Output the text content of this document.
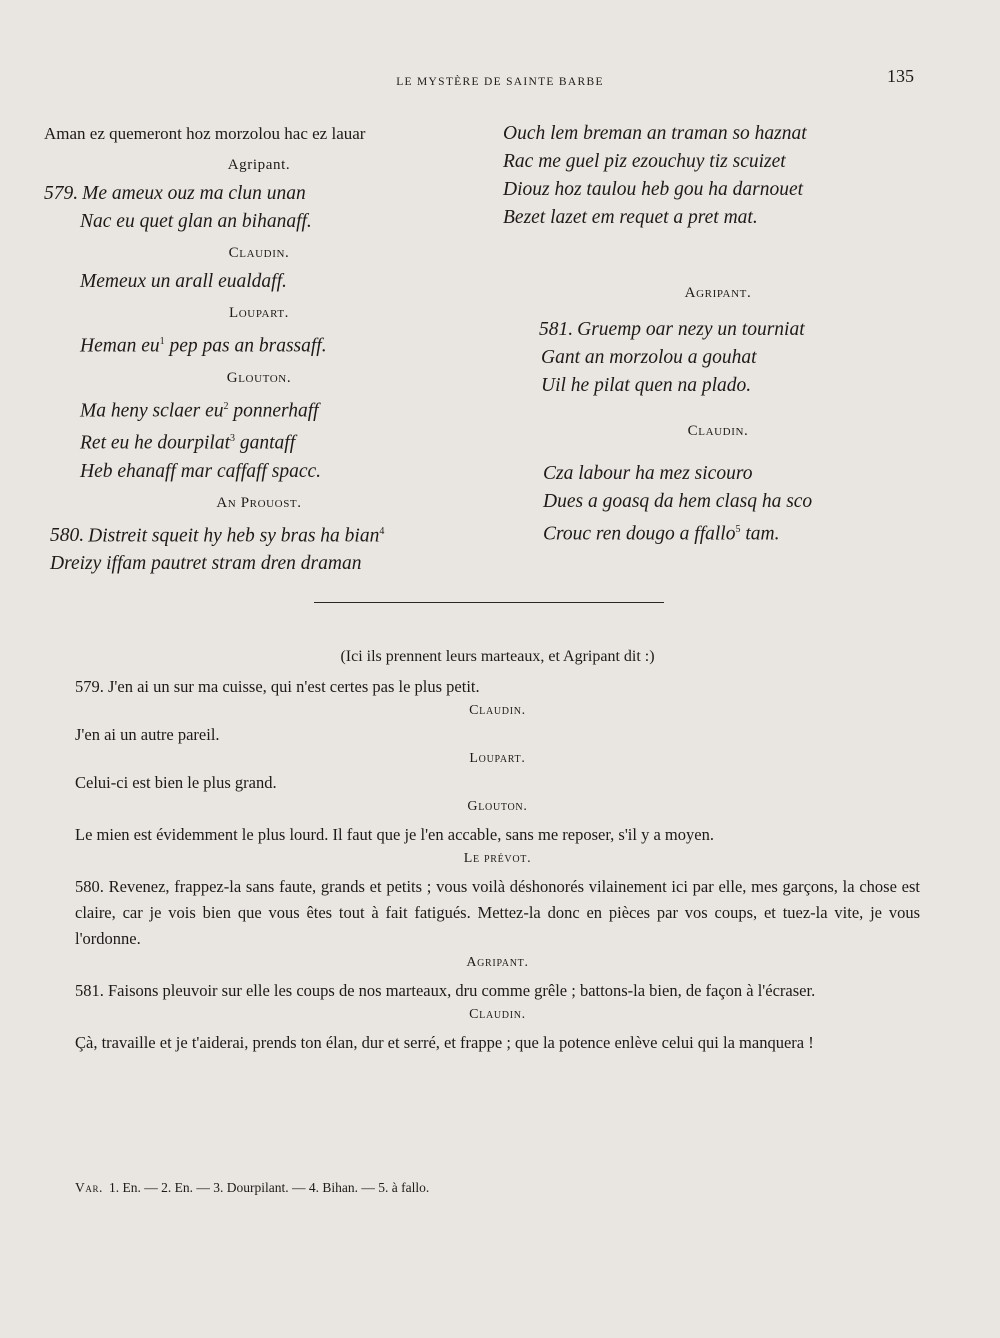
LE MYSTÈRE DE SAINTE BARBE	135
Aman ez quemeront hoz morzolou hac ez lauar
Agripant.
579. Me ameux ouz ma clun unan
Nac eu quet glan an bihanaff.
Claudin.
Memeux un arall eualdaff.
Loupart.
Heman $eu^1$ pep pas an brassaff.
Glouton.
Ma heny sclaer $eu^2$ ponnerhaff
Ret eu he dourpilat$^3$ gantaff
Heb ehanaff mar caffaff spacc.
An Prouost.
580. Distreit squeit hy heb sy bras ha bian$^4$
Dreizy iffam pautret stram dren draman
Ouch lem breman an traman so haznat
Rac me guel piz ezouchuy tiz scuizet
Diouz hoz taulou heb gou ha darnouet
Bezet lazet em requet a pret mat.
Agripant.
581. Gruemp oar nezy un tourniat
Gant an morzolou a gouhat
Uil he pilat quen na plado.
Claudin.
Cza labour ha mez sicouro
Dues a goasq da hem clasq ha sco
Crouc ren dougo a ffallo$^5$ tam.
(Ici ils prennent leurs marteaux, et Agripant dit :)

579. J'en ai un sur ma cuisse, qui n'est certes pas le plus petit.

Claudin.

J'en ai un autre pareil.

Loupart.

Celui-ci est bien le plus grand.

Glouton.

Le mien est évidemment le plus lourd. Il faut que je l'en accable, sans me reposer, s'il y a moyen.

Le prévot.

580. Revenez, frappez-la sans faute, grands et petits ; vous voilà déshonorés vilainement ici par elle, mes garçons, la chose est claire, car je vois bien que vous êtes tout à fait fatigués. Mettez-la donc en pièces par vos coups, et tuez-la vite, je vous l'ordonne.

Agripant.

581. Faisons pleuvoir sur elle les coups de nos marteaux, dru comme grêle ; battons-la bien, de façon à l'écraser.

Claudin.

Çà, travaille et je t'aiderai, prends ton élan, dur et serré, et frappe ; que la potence enlève celui qui la manquera !

Var. 1. En. — 2. En. — 3. Dourpilant. — 4. Bihan. — 5. à fallo.
